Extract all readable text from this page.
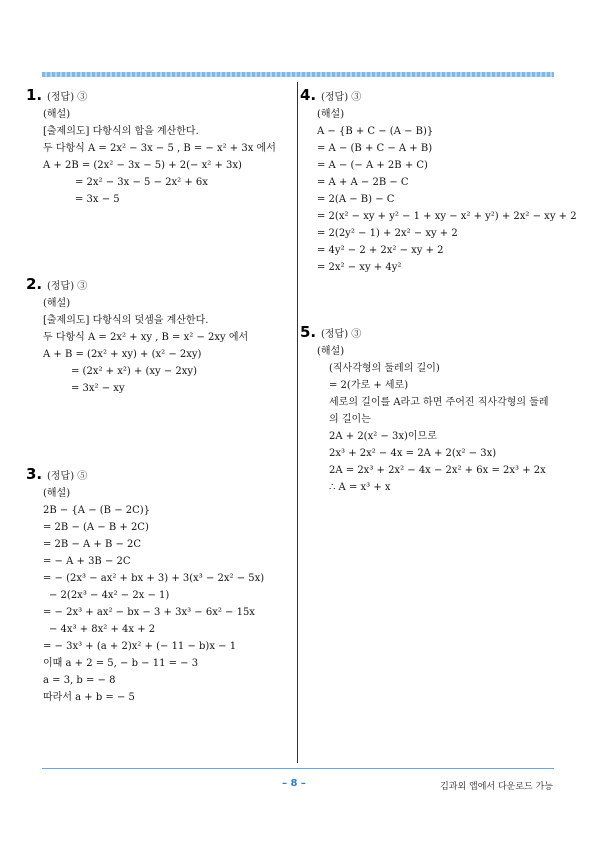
1. (정답) ③
(해설)
[출제의도] 다항식의 합을 계산한다.
두 다항식 A = 2x² − 3x − 5 , B = − x² + 3x 에서
A + 2B = (2x² − 3x − 5) + 2(− x² + 3x)
= 2x² − 3x − 5 − 2x² + 6x
= 3x − 5
2. (정답) ③
(해설)
[출제의도] 다항식의 덧셈을 계산한다.
두 다항식 A = 2x² + xy , B = x² − 2xy 에서
A + B = (2x² + xy) + (x² − 2xy)
= (2x² + x²) + (xy − 2xy)
= 3x² − xy
3. (정답) ⑤
(해설)
2B − {A − (B − 2C)}
= 2B − (A − B + 2C)
= 2B − A + B − 2C
= − A + 3B − 2C
= − (2x³ − ax² + bx + 3) + 3(x³ − 2x² − 5x)
− 2(2x³ − 4x² − 2x − 1)
= − 2x³ + ax² − bx − 3 + 3x³ − 6x² − 15x
− 4x³ + 8x² + 4x + 2
= − 3x³ + (a + 2)x² + (− 11 − b)x − 1
이때 a + 2 = 5, − b − 11 = − 3
a = 3, b = − 8
따라서 a + b = − 5
4. (정답) ③
(해설)
A − {B + C − (A − B)}
= A − (B + C − A + B)
= A − (− A + 2B + C)
= A + A − 2B − C
= 2(A − B) − C
= 2(x² − xy + y² − 1 + xy − x² + y²) + 2x² − xy + 2
= 2(2y² − 1) + 2x² − xy + 2
= 4y² − 2 + 2x² − xy + 2
= 2x² − xy + 4y²
5. (정답) ③
(해설)
(직사각형의 둘레의 길이)
= 2(가로 + 세로)
세로의 길이를 A라고 하면 주어진 직사각형의 둘레
의 길이는
2A + 2(x² − 3x)이므로
2x³ + 2x² − 4x = 2A + 2(x² − 3x)
2A = 2x³ + 2x² − 4x − 2x² + 6x = 2x³ + 2x
∴ A = x³ + x
– 8 –	김과외 앱에서 다운로드 가능
